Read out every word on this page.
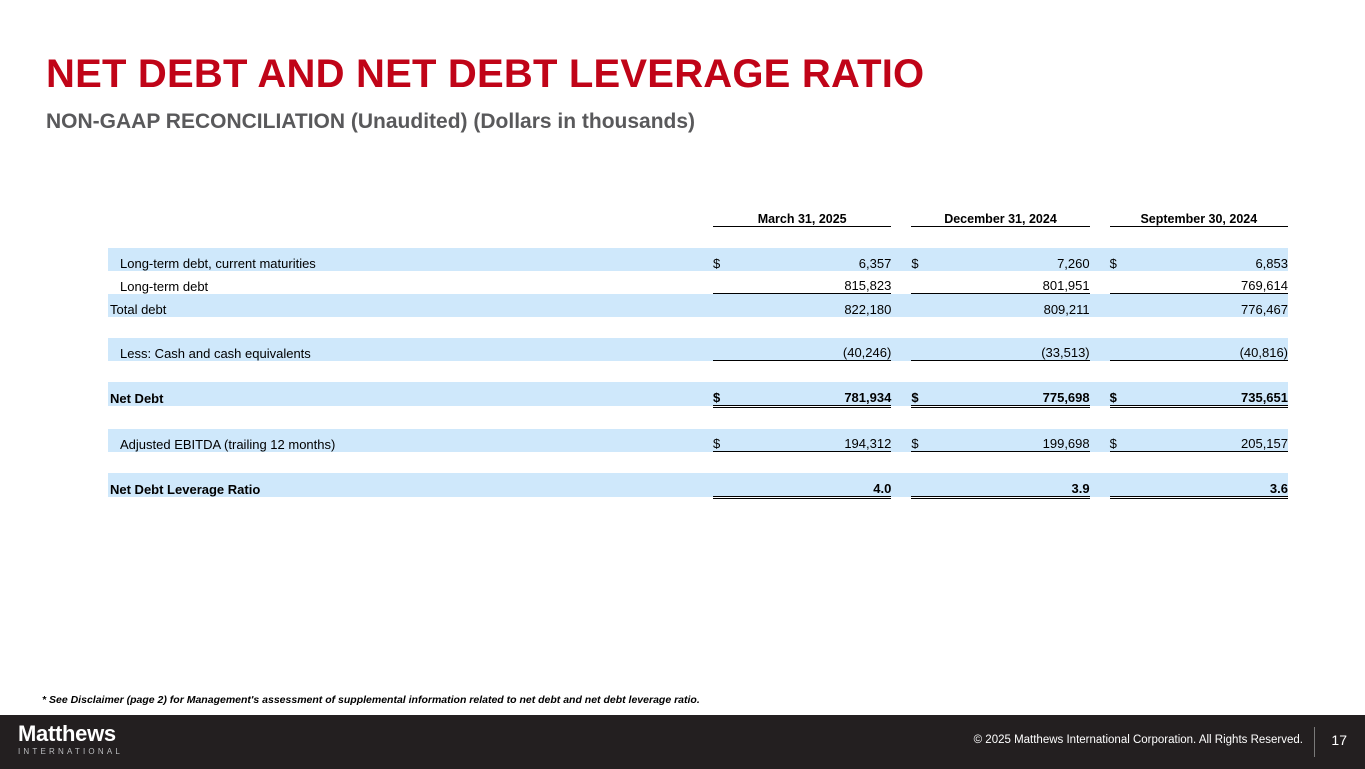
NET DEBT AND NET DEBT LEVERAGE RATIO
NON-GAAP RECONCILIATION (Unaudited) (Dollars in thousands)
	March 31, 2025			December 31, 2024			September 30, 2024	

Long-term debt, current maturities	$	6,357		$	7,260		$	6,853
Long-term debt		815,823			801,951			769,614
Total debt		822,180			809,211			776,467

Less: Cash and cash equivalents		(40,246)			(33,513)			(40,816)

Net Debt	$	781,934		$	775,698		$	735,651

Adjusted EBITDA (trailing 12 months)	$	194,312		$	199,698		$	205,157

Net Debt Leverage Ratio		4.0			3.9			3.6
* See Disclaimer (page 2) for Management's assessment of supplemental information related to net debt and net debt leverage ratio.
Matthews
INTERNATIONAL
© 2025 Matthews International Corporation. All Rights Reserved. 17
